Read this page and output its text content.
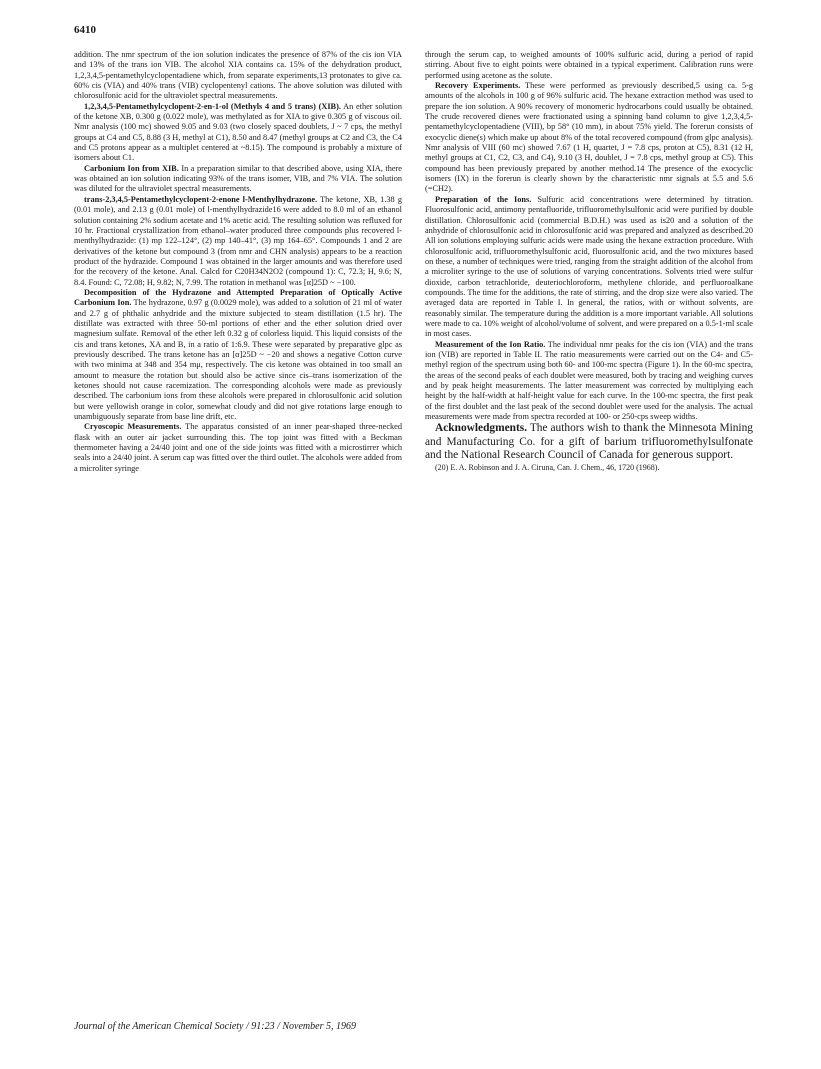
6410

addition. The nmr spectrum of the ion solution indicates the presence of 87% of the cis ion VIA and 13% of the trans ion VIB. The alcohol XIA contains ca. 15% of the dehydration product, 1,2,3,4,5-pentamethylcyclopentadiene which, from separate experiments,13 protonates to give ca. 60% cis (VIA) and 40% trans (VIB) cyclopentenyl cations. The above solution was diluted with chlorosulfonic acid for the ultraviolet spectral measurements.

1,2,3,4,5-Pentamethylcyclopent-2-en-1-ol (Methyls 4 and 5 trans) (XIB). An ether solution of the ketone XB, 0.300 g (0.022 mole), was methylated as for XIA to give 0.305 g of viscous oil. Nmr analysis (100 mc) showed 9.05 and 9.03 (two closely spaced doublets, J ~ 7 cps, the methyl groups at C4 and C5, 8.88 (3 H, methyl at C1), 8.50 and 8.47 (methyl groups at C2 and C3, the C4 and C5 protons appear as a multiplet centered at ~8.15). The compound is probably a mixture of isomers about C1.

Carbonium Ion from XIB. In a preparation similar to that described above, using XIA, there was obtained an ion solution indicating 93% of the trans isomer, VIB, and 7% VIA. The solution was diluted for the ultraviolet spectral measurements.

trans-2,3,4,5-Pentamethylcyclopent-2-enone l-Menthylhydrazone. The ketone, XB, 1.38 g (0.01 mole), and 2.13 g (0.01 mole) of l-menthylhydrazide16 were added to 8.0 ml of an ethanol solution containing 2% sodium acetate and 1% acetic acid. The resulting solution was refluxed for 10 hr. Fractional crystallization from ethanol–water produced three compounds plus recovered l-menthylhydrazide: (1) mp 122–124°, (2) mp 140–41°, (3) mp 164–65°. Compounds 1 and 2 are derivatives of the ketone but compound 3 (from nmr and CHN analysis) appears to be a reaction product of the hydrazide. Compound 1 was obtained in the larger amounts and was therefore used for the recovery of the ketone. Anal. Calcd for C20H34N2O2 (compound 1): C, 72.3; H, 9.6; N, 8.4. Found: C, 72.08; H, 9.82; N, 7.99. The rotation in methanol was [α]25D ~ −100.

Decomposition of the Hydrazone and Attempted Preparation of Optically Active Carbonium Ion. The hydrazone, 0.97 g (0.0029 mole), was added to a solution of 21 ml of water and 2.7 g of phthalic anhydride and the mixture subjected to steam distillation (1.5 hr). The distillate was extracted with three 50-ml portions of ether and the ether solution dried over magnesium sulfate. Removal of the ether left 0.32 g of colorless liquid. This liquid consists of the cis and trans ketones, XA and B, in a ratio of 1:6.9. These were separated by preparative glpc as previously described. The trans ketone has an [α]25D ~ −20 and shows a negative Cotton curve with two minima at 348 and 354 mμ, respectively. The cis ketone was obtained in too small an amount to measure the rotation but should also be active since cis–trans isomerization of the ketones should not cause racemization. The corresponding alcohols were made as previously described. The carbonium ions from these alcohols were prepared in chlorosulfonic acid solution but were yellowish orange in color, somewhat cloudy and did not give rotations large enough to unambiguously separate from base line drift, etc.

Cryoscopic Measurements. The apparatus consisted of an inner pear-shaped three-necked flask with an outer air jacket surrounding this. The top joint was fitted with a Beckman thermometer having a 24/40 joint and one of the side joints was fitted with a microstirrer which seals into a 24/40 joint. A serum cap was fitted over the third outlet. The alcohols were added from a microliter syringe

through the serum cap, to weighed amounts of 100% sulfuric acid, during a period of rapid stirring. About five to eight points were obtained in a typical experiment. Calibration runs were performed using acetone as the solute.

Recovery Experiments. These were performed as previously described,5 using ca. 5-g amounts of the alcohols in 100 g of 96% sulfuric acid. The hexane extraction method was used to prepare the ion solution. A 90% recovery of monomeric hydrocarbons could usually be obtained. The crude recovered dienes were fractionated using a spinning band column to give 1,2,3,4,5-pentamethylcyclopentadiene (VIII), bp 58° (10 mm), in about 75% yield. The forerun consists of exocyclic diene(s) which make up about 8% of the total recovered compound (from glpc analysis). Nmr analysis of VIII (60 mc) showed 7.67 (1 H, quartet, J = 7.8 cps, proton at C5), 8.31 (12 H, methyl groups at C1, C2, C3, and C4), 9.10 (3 H, doublet, J = 7.8 cps, methyl group at C5). This compound has been previously prepared by another method.14 The presence of the exocyclic isomers (IX) in the forerun is clearly shown by the characteristic nmr signals at 5.5 and 5.6 (=CH2).

Preparation of the Ions. Sulfuric acid concentrations were determined by titration. Fluorosulfonic acid, antimony pentafluoride, trifluoromethylsulfonic acid were purified by double distillation. Chlorosulfonic acid (commercial B.D.H.) was used as is20 and a solution of the anhydride of chlorosulfonic acid in chlorosulfonic acid was prepared and analyzed as described.20 All ion solutions employing sulfuric acids were made using the hexane extraction procedure. With chlorosulfonic acid, trifluoromethylsulfonic acid, fluorosulfonic acid, and the two mixtures based on these, a number of techniques were tried, ranging from the straight addition of the alcohol from a microliter syringe to the use of solutions of varying concentrations. Solvents tried were sulfur dioxide, carbon tetrachloride, deuteriochloroform, methylene chloride, and perfluoroalkane compounds. The time for the additions, the rate of stirring, and the drop size were also varied. The averaged data are reported in Table I. In general, the ratios, with or without solvents, are reasonably similar. The temperature during the addition is a more important variable. All solutions were made to ca. 10% weight of alcohol/volume of solvent, and were prepared on a 0.5-1-ml scale in most cases.

Measurement of the Ion Ratio. The individual nmr peaks for the cis ion (VIA) and the trans ion (VIB) are reported in Table II. The ratio measurements were carried out on the C4- and C5-methyl region of the spectrum using both 60- and 100-mc spectra (Figure 1). In the 60-mc spectra, the areas of the second peaks of each doublet were measured, both by tracing and weighing curves and by peak height measurements. The latter measurement was corrected by multiplying each height by the half-width at half-height value for each curve. In the 100-mc spectra, the first peak of the first doublet and the last peak of the second doublet were used for the analysis. The actual measurements were made from spectra recorded at 100- or 250-cps sweep widths.

Acknowledgments. The authors wish to thank the Minnesota Mining and Manufacturing Co. for a gift of barium trifluoromethylsulfonate and the National Research Council of Canada for generous support.

(20) E. A. Robinson and J. A. Ciruna, Can. J. Chem., 46, 1720 (1968).

Journal of the American Chemical Society / 91:23 / November 5, 1969
